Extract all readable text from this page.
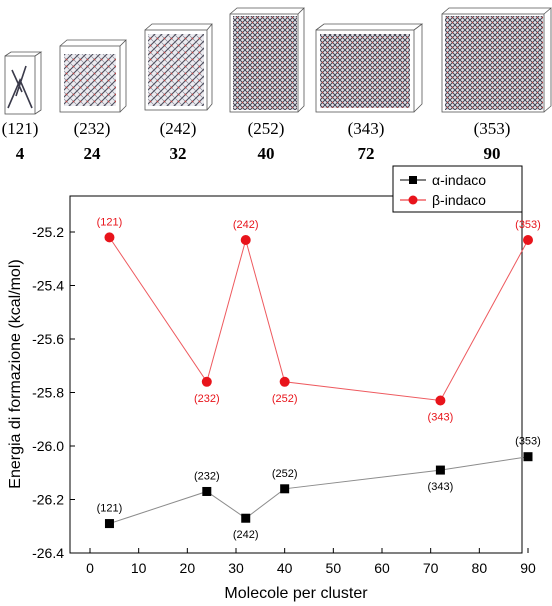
(121)
4
(232)
24
(242)
32
(252)
40
(343)
72
(353)
90
0	10 20 30 40 50 60 70 80 90
-26.4
-26.2
-26.0
-25.8
-25.6
-25.4
-25.2
(121)
(232)
(242)
(252)
(343)
(353)
(121)
(232)
(242)
(252)
(343)
(353)
Molecole per cluster
Energia di formazione (kcal/mol)
α-indaco
β-indaco
